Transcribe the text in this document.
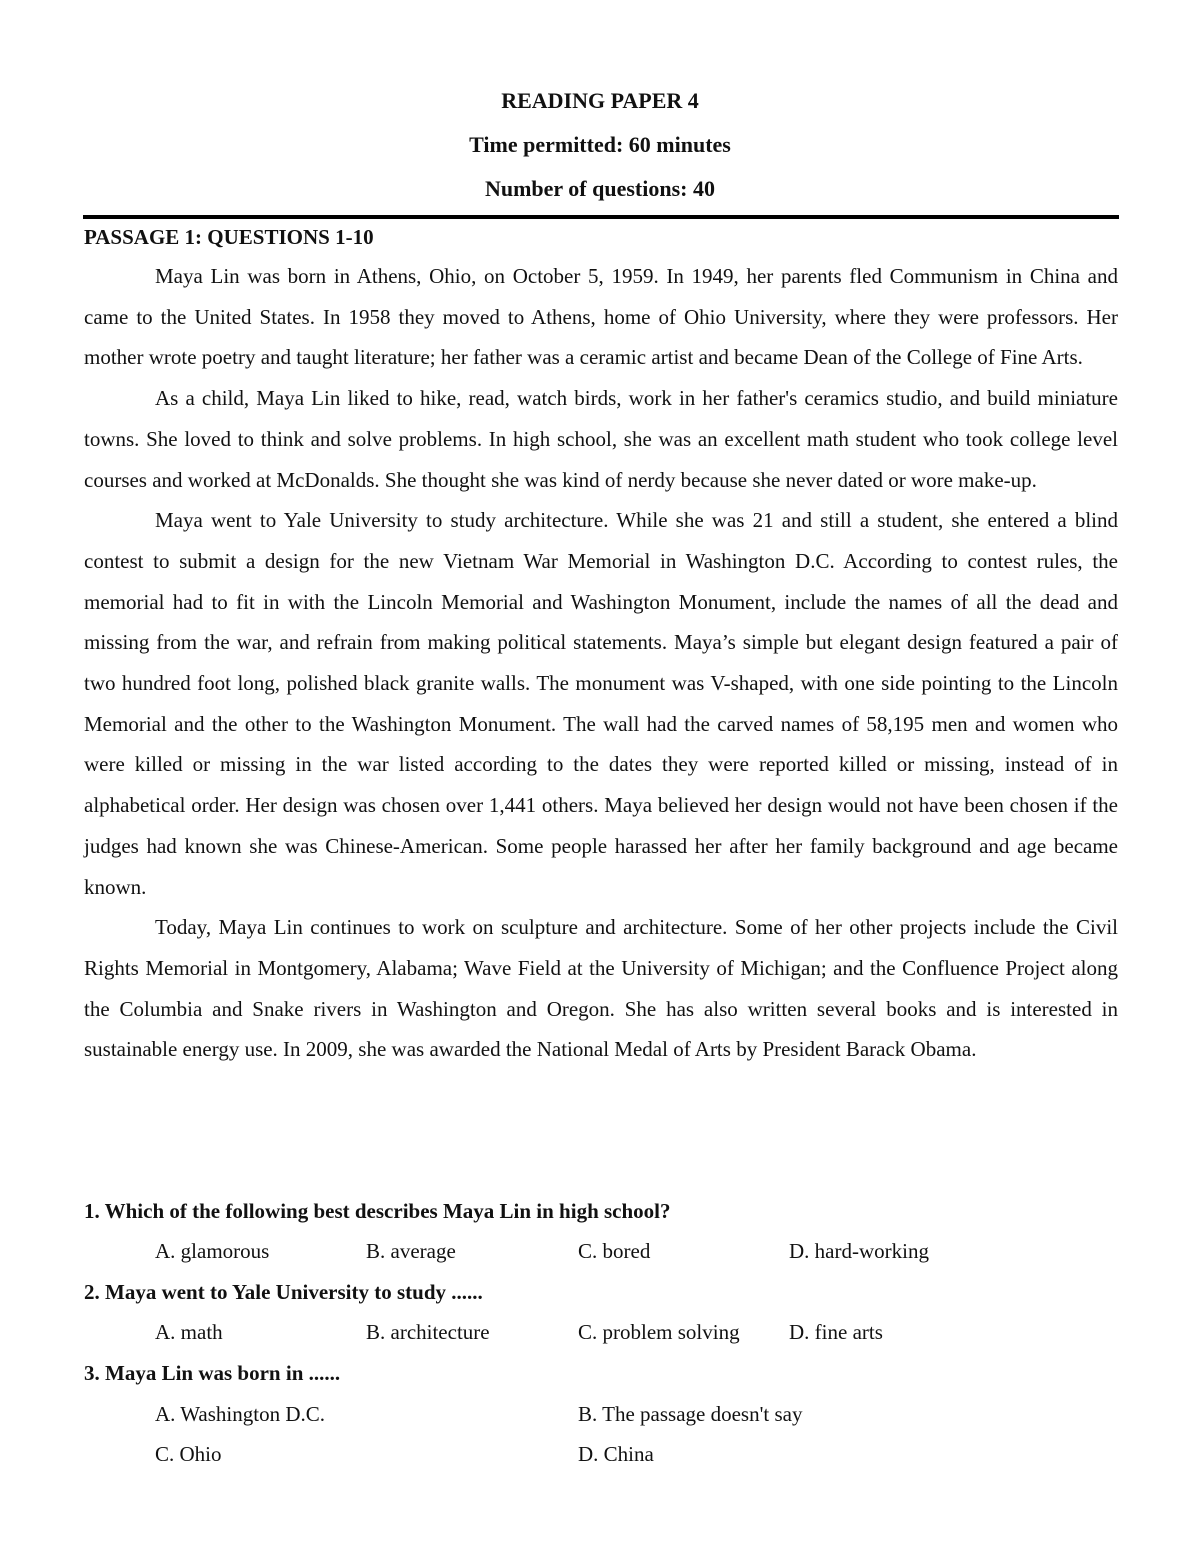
READING PAPER 4
Time permitted: 60 minutes
Number of questions: 40
PASSAGE 1: QUESTIONS 1-10

Maya Lin was born in Athens, Ohio, on October 5, 1959. In 1949, her parents fled Communism in China and came to the United States. In 1958 they moved to Athens, home of Ohio University, where they were professors. Her mother wrote poetry and taught literature; her father was a ceramic artist and became Dean of the College of Fine Arts.

As a child, Maya Lin liked to hike, read, watch birds, work in her father's ceramics studio, and build miniature towns. She loved to think and solve problems. In high school, she was an excellent math student who took college level courses and worked at McDonalds. She thought she was kind of nerdy because she never dated or wore make-up.

Maya went to Yale University to study architecture. While she was 21 and still a student, she entered a blind contest to submit a design for the new Vietnam War Memorial in Washington D.C. According to contest rules, the memorial had to fit in with the Lincoln Memorial and Washington Monument, include the names of all the dead and missing from the war, and refrain from making political statements. Maya’s simple but elegant design featured a pair of two hundred foot long, polished black granite walls. The monument was V-shaped, with one side pointing to the Lincoln Memorial and the other to the Washington Monument. The wall had the carved names of 58,195 men and women who were killed or missing in the war listed according to the dates they were reported killed or missing, instead of in alphabetical order. Her design was chosen over 1,441 others. Maya believed her design would not have been chosen if the judges had known she was Chinese-American. Some people harassed her after her family background and age became known.

Today, Maya Lin continues to work on sculpture and architecture. Some of her other projects include the Civil Rights Memorial in Montgomery, Alabama; Wave Field at the University of Michigan; and the Confluence Project along the Columbia and Snake rivers in Washington and Oregon. She has also written several books and is interested in sustainable energy use. In 2009, she was awarded the National Medal of Arts by President Barack Obama.

1. Which of the following best describes Maya Lin in high school?
A. glamorous	B. average	C. bored	D. hard-working
2. Maya went to Yale University to study ......
A. math	B. architecture	C. problem solving D. fine arts
3. Maya Lin was born in ......
A. Washington D.C.	B. The passage doesn't say
C. Ohio	D. China
